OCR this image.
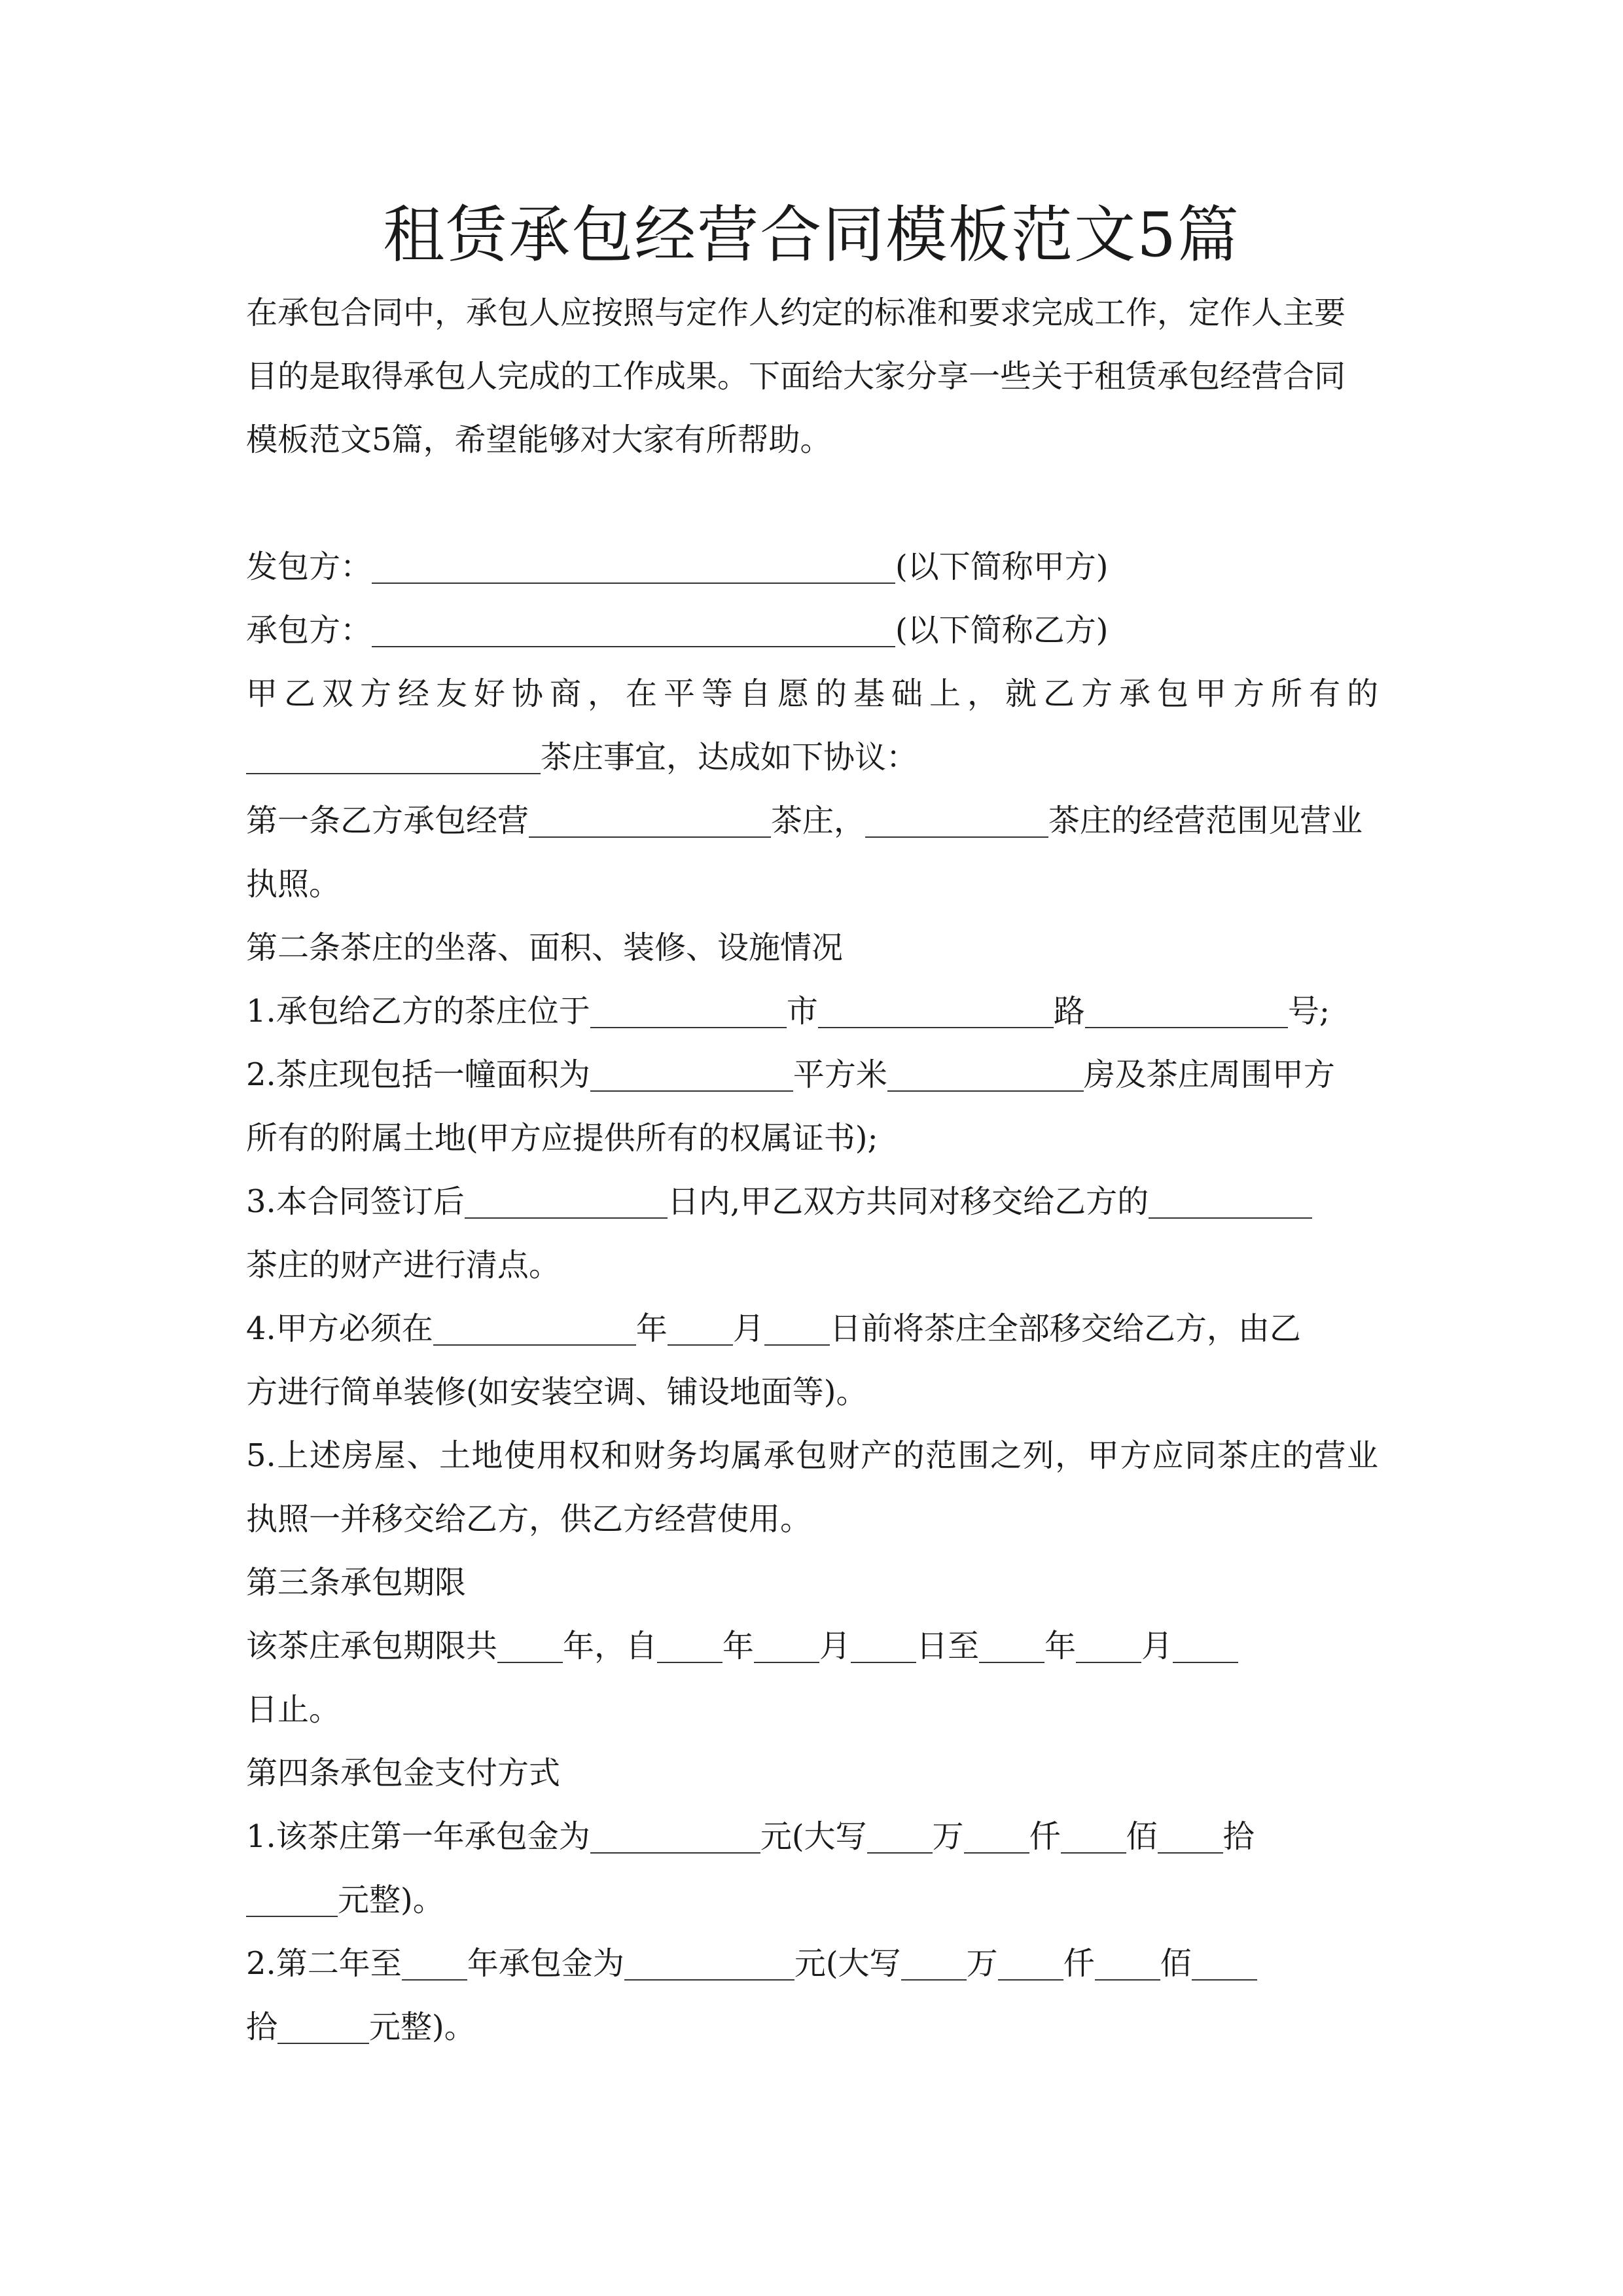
租赁承包经营合同模板范文5篇

在承包合同中，承包人应按照与定作人约定的标准和要求完成工作，定作人主要

目的是取得承包人完成的工作成果。下面给大家分享一些关于租赁承包经营合同

模板范文5篇，希望能够对大家有所帮助。

发包方：	(以下简称甲方)

承包方：	(以下简称乙方)

甲乙双方经友好协商，在平等自愿的基础上，就乙方承包甲方所有的

茶庄事宜，达成如下协议：

第一条乙方承包经营	茶庄，	茶庄的经营范围见营业

执照。

第二条茶庄的坐落、面积、装修、设施情况

1.承包给乙方的茶庄位于	市	路	号;

2.茶庄现包括一幢面积为	平方米	房及茶庄周围甲方

所有的附属土地(甲方应提供所有的权属证书);

3.本合同签订后	日内,甲乙双方共同对移交给乙方的

茶庄的财产进行清点。

4.甲方必须在	年 月 日前将茶庄全部移交给乙方，由乙

方进行简单装修(如安装空调、铺设地面等)。

5.上述房屋、土地使用权和财务均属承包财产的范围之列，甲方应同茶庄的营业

执照一并移交给乙方，供乙方经营使用。

第三条承包期限

该茶庄承包期限共 年，自 年 月 日至 年 月

日止。

第四条承包金支付方式

1.该茶庄第一年承包金为	元(大写 万 仟 佰 拾

元整)。

2.第二年至 年承包金为	元(大写 万 仟 佰

拾	元整)。
